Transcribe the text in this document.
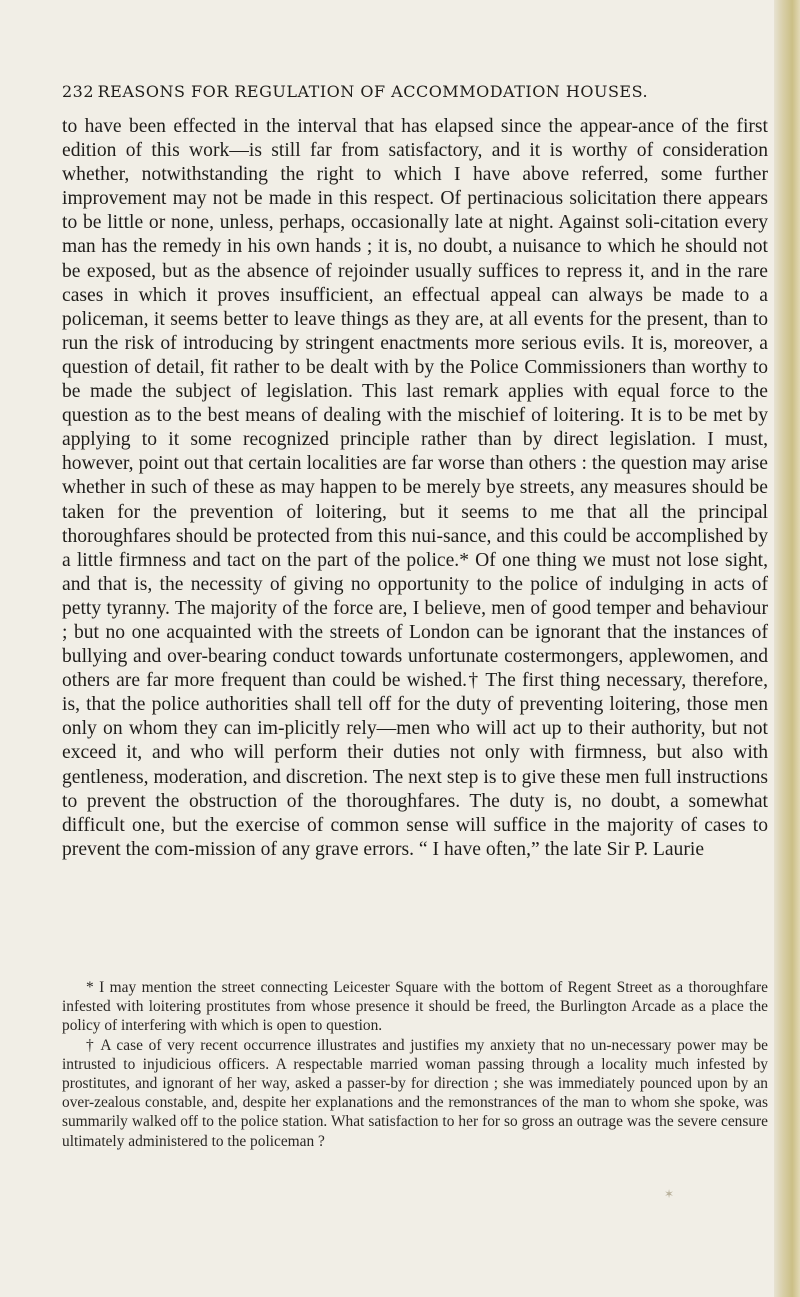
232 REASONS FOR REGULATION OF ACCOMMODATION HOUSES.

to have been effected in the interval that has elapsed since the appear-ance of the first edition of this work—is still far from satisfactory, and it is worthy of consideration whether, notwithstanding the right to which I have above referred, some further improvement may not be made in this respect. Of pertinacious solicitation there appears to be little or none, unless, perhaps, occasionally late at night. Against soli-citation every man has the remedy in his own hands ; it is, no doubt, a nuisance to which he should not be exposed, but as the absence of rejoinder usually suffices to repress it, and in the rare cases in which it proves insufficient, an effectual appeal can always be made to a policeman, it seems better to leave things as they are, at all events for the present, than to run the risk of introducing by stringent enactments more serious evils. It is, moreover, a question of detail, fit rather to be dealt with by the Police Commissioners than worthy to be made the subject of legislation. This last remark applies with equal force to the question as to the best means of dealing with the mischief of loitering. It is to be met by applying to it some recognized principle rather than by direct legislation. I must, however, point out that certain localities are far worse than others : the question may arise whether in such of these as may happen to be merely bye streets, any measures should be taken for the prevention of loitering, but it seems to me that all the principal thoroughfares should be protected from this nui-sance, and this could be accomplished by a little firmness and tact on the part of the police.* Of one thing we must not lose sight, and that is, the necessity of giving no opportunity to the police of indulging in acts of petty tyranny. The majority of the force are, I believe, men of good temper and behaviour ; but no one acquainted with the streets of London can be ignorant that the instances of bullying and over-bearing conduct towards unfortunate costermongers, applewomen, and others are far more frequent than could be wished.† The first thing necessary, therefore, is, that the police authorities shall tell off for the duty of preventing loitering, those men only on whom they can im-plicitly rely—men who will act up to their authority, but not exceed it, and who will perform their duties not only with firmness, but also with gentleness, moderation, and discretion. The next step is to give these men full instructions to prevent the obstruction of the thoroughfares. The duty is, no doubt, a somewhat difficult one, but the exercise of common sense will suffice in the majority of cases to prevent the com-mission of any grave errors. “ I have often,” the late Sir P. Laurie

* I may mention the street connecting Leicester Square with the bottom of Regent Street as a thoroughfare infested with loitering prostitutes from whose presence it should be freed, the Burlington Arcade as a place the policy of interfering with which is open to question.

† A case of very recent occurrence illustrates and justifies my anxiety that no un-necessary power may be intrusted to injudicious officers. A respectable married woman passing through a locality much infested by prostitutes, and ignorant of her way, asked a passer-by for direction ; she was immediately pounced upon by an over-zealous constable, and, despite her explanations and the remonstrances of the man to whom she spoke, was summarily walked off to the police station. What satisfaction to her for so gross an outrage was the severe censure ultimately administered to the policeman ?

✶
